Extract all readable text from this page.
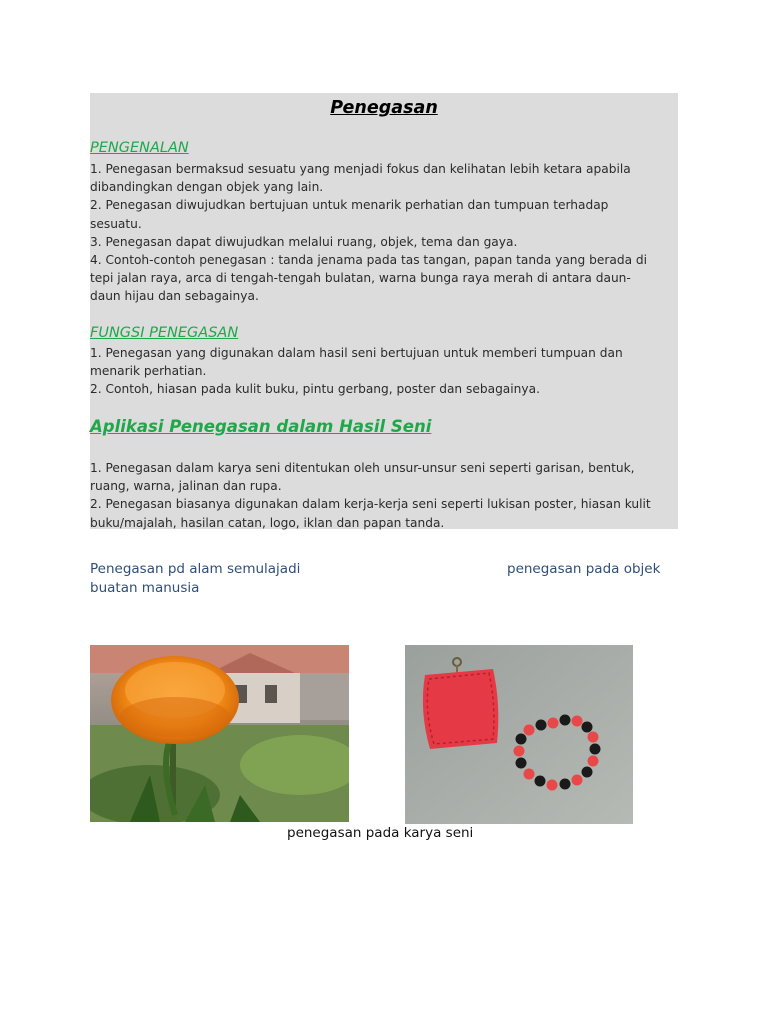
Penegasan
PENGENALAN
1. Penegasan bermaksud sesuatu yang menjadi fokus dan kelihatan lebih ketara apabila
dibandingkan dengan objek yang lain.
2. Penegasan diwujudkan bertujuan untuk menarik perhatian dan tumpuan terhadap
sesuatu.
3. Penegasan dapat diwujudkan melalui ruang, objek, tema dan gaya.
4. Contoh-contoh penegasan : tanda jenama pada tas tangan, papan tanda yang berada di
tepi jalan raya, arca di tengah-tengah bulatan, warna bunga raya merah di antara daun-
daun hijau dan sebagainya.
FUNGSI PENEGASAN
1. Penegasan yang digunakan dalam hasil seni bertujuan untuk memberi tumpuan dan
menarik perhatian.
2. Contoh, hiasan pada kulit buku, pintu gerbang, poster dan sebagainya.
Aplikasi Penegasan dalam Hasil Seni
1. Penegasan dalam karya seni ditentukan oleh unsur-unsur seni seperti garisan, bentuk,
ruang, warna, jalinan dan rupa.
2. Penegasan biasanya digunakan dalam kerja-kerja seni seperti lukisan poster, hiasan kulit
buku/majalah, hasilan catan, logo, iklan dan papan tanda.
Penegasan pd alam semulajadi	penegasan pada objek
buatan manusia
penegasan pada karya seni
